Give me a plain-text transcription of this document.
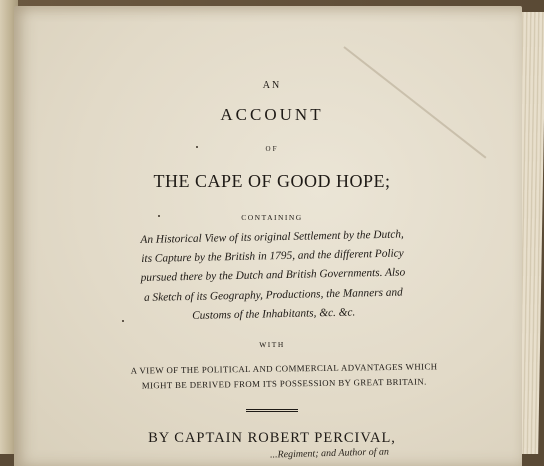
AN
ACCOUNT
OF
THE CAPE OF GOOD HOPE;
CONTAINING
An Historical View of its original Settlement by the Dutch,
its Capture by the British in 1795, and the different Policy
pursued there by the Dutch and British Governments. Also
a Sketch of its Geography, Productions, the Manners and
Customs of the Inhabitants, &c. &c.
WITH
A VIEW OF THE POLITICAL AND COMMERCIAL ADVANTAGES WHICH
MIGHT BE DERIVED FROM ITS POSSESSION BY GREAT BRITAIN.
BY CAPTAIN ROBERT PERCIVAL,
...Regiment; and Author of an
